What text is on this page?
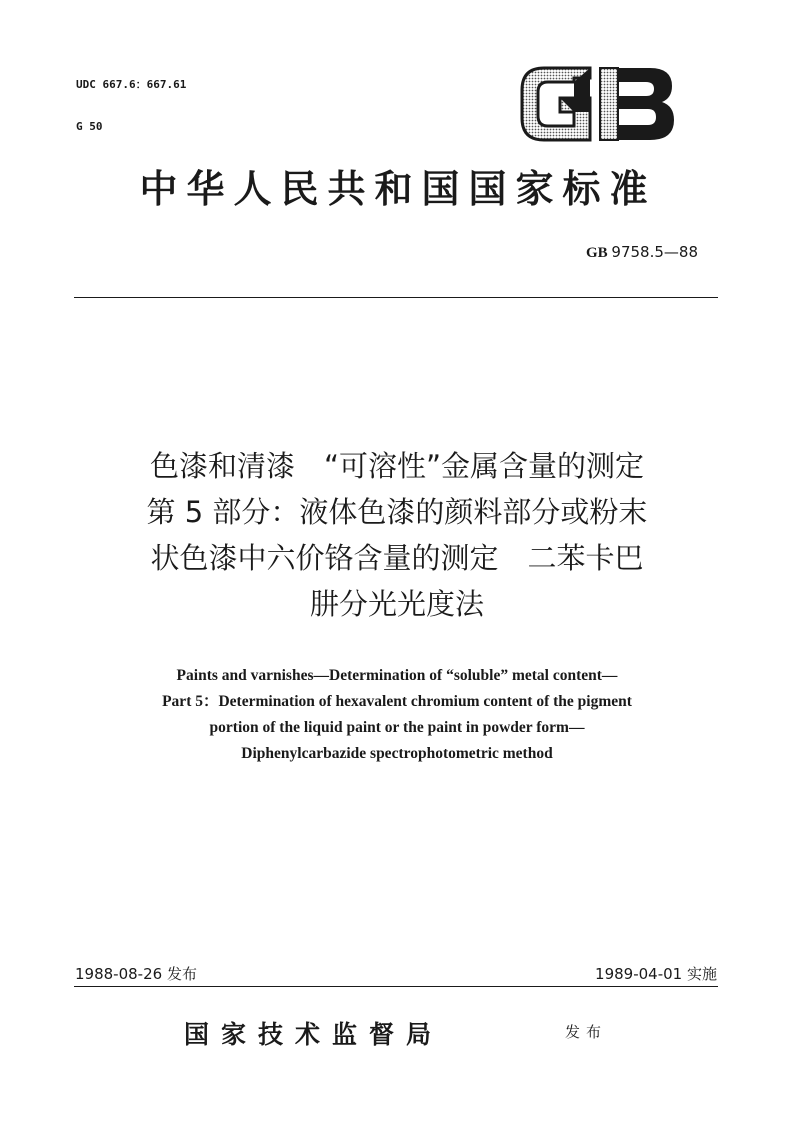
UDC 667.6：667.61

G 50

中华人民共和国国家标准
GB 9758.5—88
色漆和清漆　“可溶性”金属含量的测定
第 5 部分：液体色漆的颜料部分或粉末
状色漆中六价铬含量的测定　二苯卡巴
肼分光光度法
Paints and varnishes—Determination of “soluble” metal content—
Part 5：Determination of hexavalent chromium content of the pigment
portion of the liquid paint or the paint in powder form—
Diphenylcarbazide spectrophotometric method
1988-08-26 发布	1989-04-01 实施
国家技术监督局	发布
